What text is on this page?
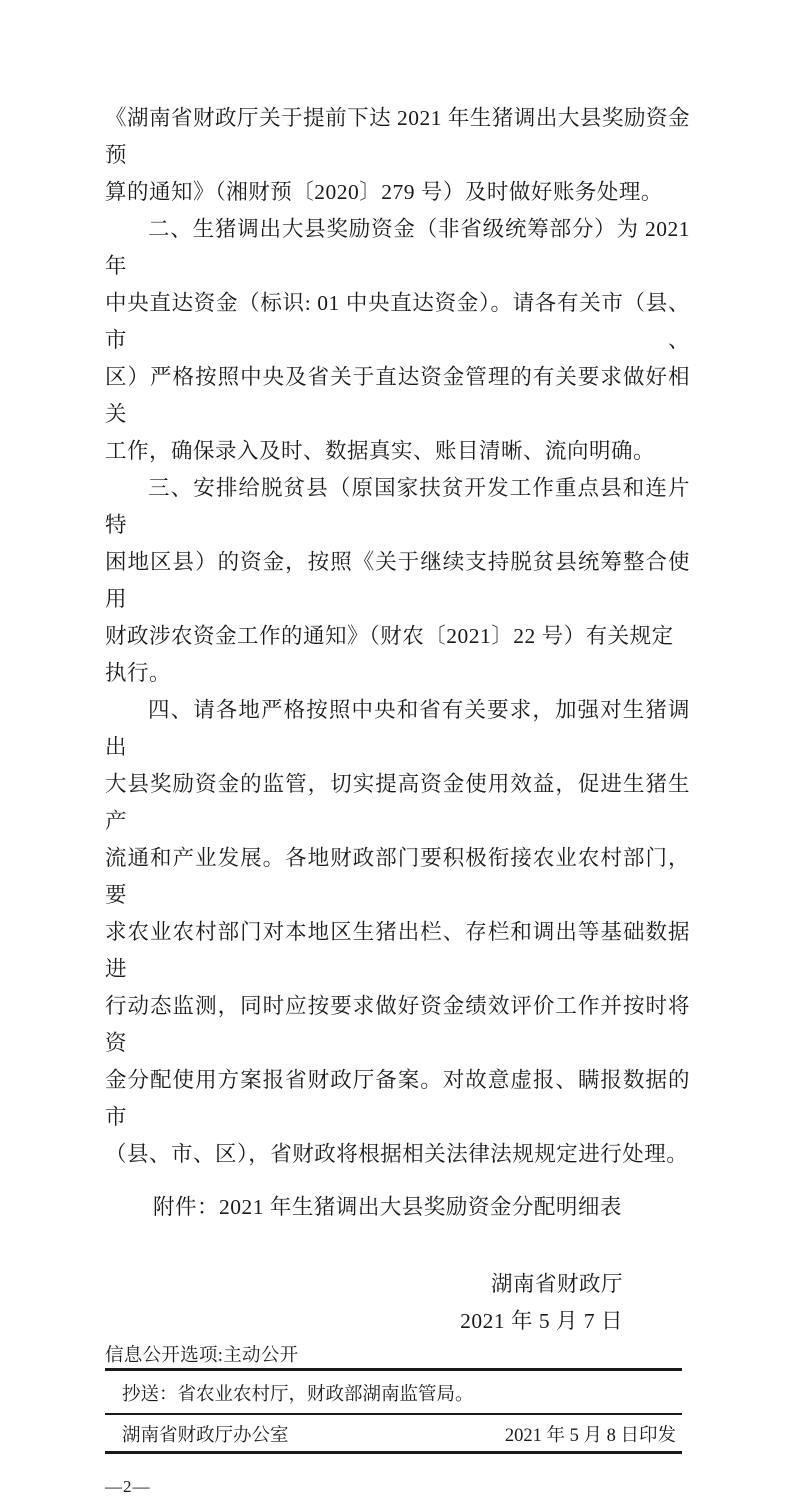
《湖南省财政厅关于提前下达 2021 年生猪调出大县奖励资金预
算的通知》（湘财预〔2020〕279 号）及时做好账务处理。
二、生猪调出大县奖励资金（非省级统筹部分）为 2021 年
中央直达资金（标识: 01 中央直达资金）。请各有关市（县、市、
区）严格按照中央及省关于直达资金管理的有关要求做好相关
工作，确保录入及时、数据真实、账目清晰、流向明确。
三、安排给脱贫县（原国家扶贫开发工作重点县和连片特
困地区县）的资金，按照《关于继续支持脱贫县统筹整合使用
财政涉农资金工作的通知》（财农〔2021〕22 号）有关规定执行。
四、请各地严格按照中央和省有关要求，加强对生猪调出
大县奖励资金的监管，切实提高资金使用效益，促进生猪生产
流通和产业发展。各地财政部门要积极衔接农业农村部门，要
求农业农村部门对本地区生猪出栏、存栏和调出等基础数据进
行动态监测，同时应按要求做好资金绩效评价工作并按时将资
金分配使用方案报省财政厅备案。对故意虚报、瞒报数据的市
（县、市、区），省财政将根据相关法律法规规定进行处理。
附件：2021 年生猪调出大县奖励资金分配明细表
湖南省财政厅
2021 年 5 月 7 日
信息公开选项:主动公开
抄送：省农业农村厅，财政部湖南监管局。
湖南省财政厅办公室	2021 年 5 月 8 日印发
—2—
